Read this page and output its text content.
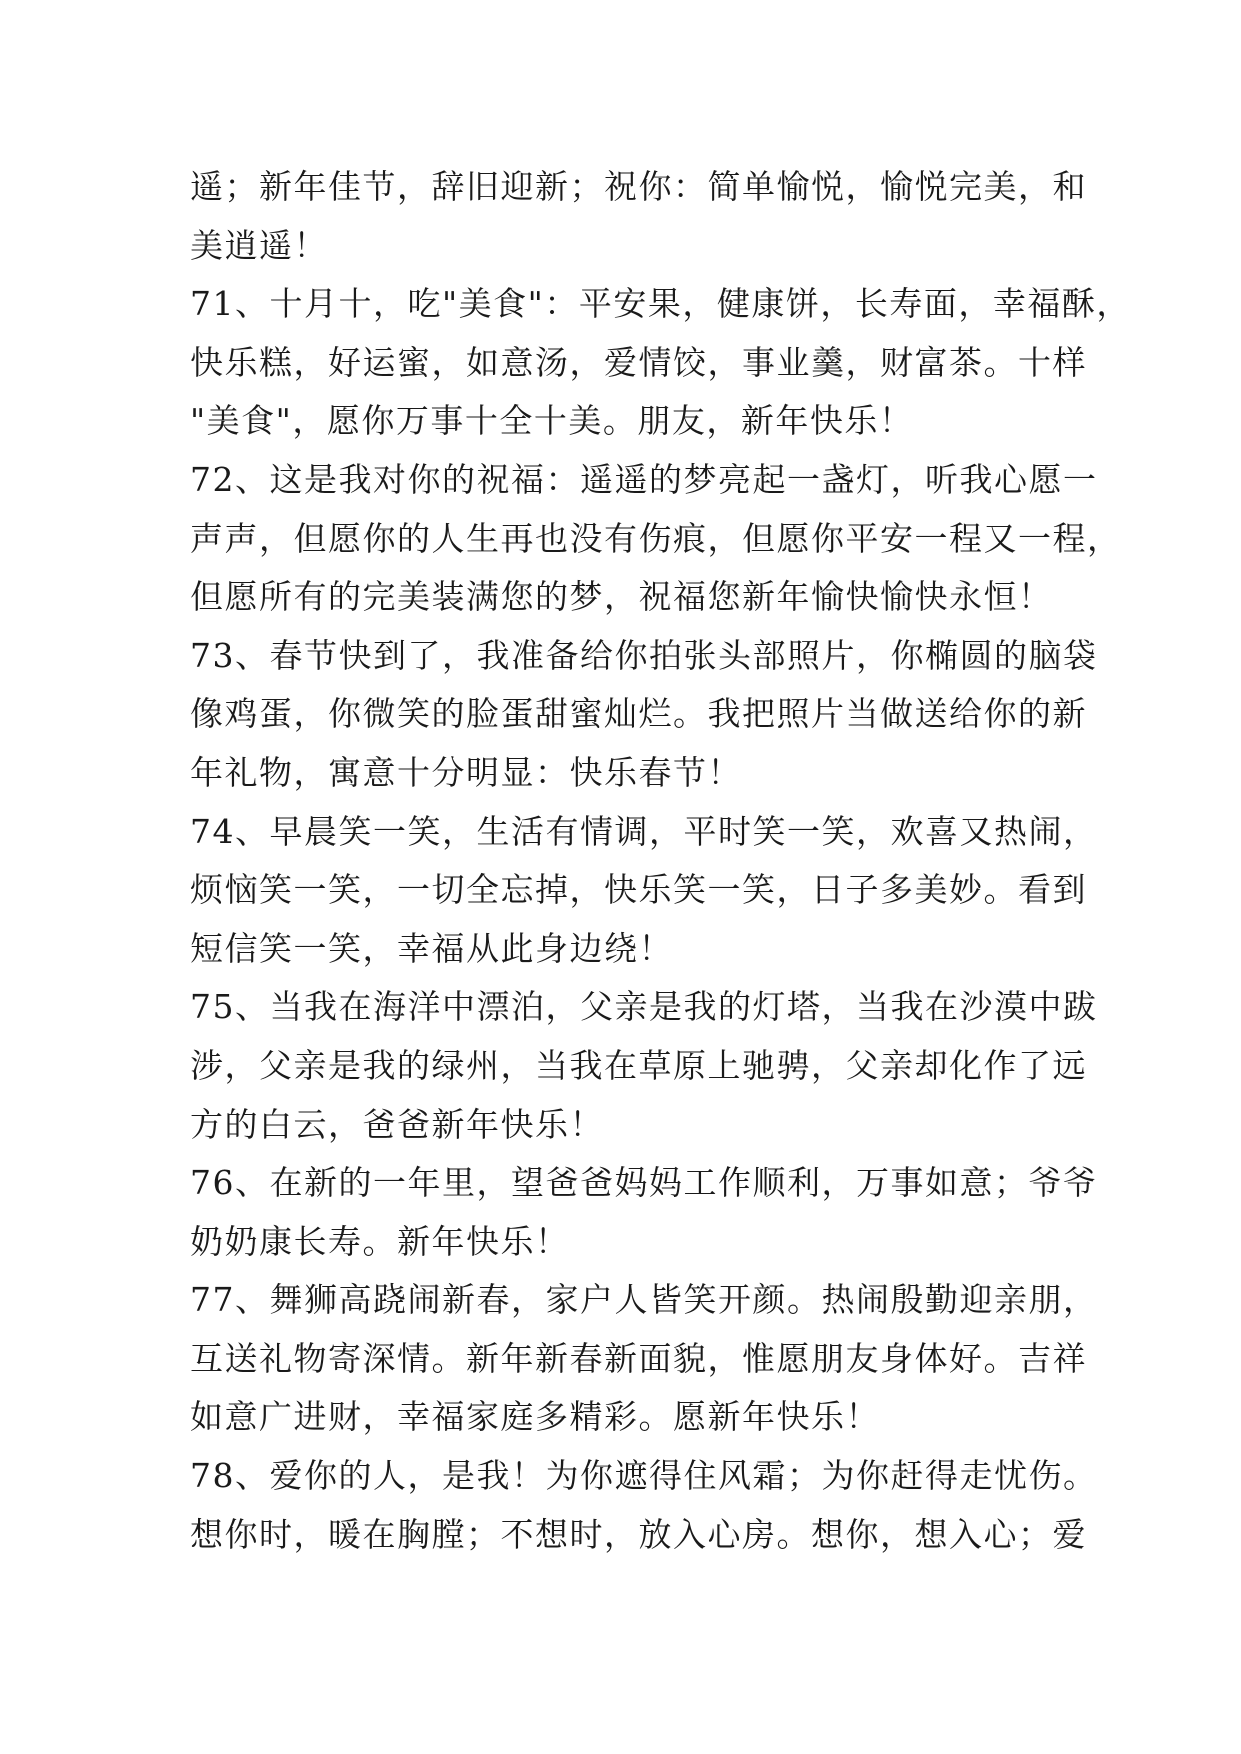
遥；新年佳节，辞旧迎新；祝你：简单愉悦，愉悦完美，和
美逍遥！
71、十月十，吃"美食"：平安果，健康饼，长寿面，幸福酥，
快乐糕，好运蜜，如意汤，爱情饺，事业羹，财富茶。十样
"美食"，愿你万事十全十美。朋友，新年快乐！
72、这是我对你的祝福：遥遥的梦亮起一盏灯，听我心愿一
声声，但愿你的人生再也没有伤痕，但愿你平安一程又一程，
但愿所有的完美装满您的梦，祝福您新年愉快愉快永恒！
73、春节快到了，我准备给你拍张头部照片，你椭圆的脑袋
像鸡蛋，你微笑的脸蛋甜蜜灿烂。我把照片当做送给你的新
年礼物，寓意十分明显：快乐春节！
74、早晨笑一笑，生活有情调，平时笑一笑，欢喜又热闹，
烦恼笑一笑，一切全忘掉，快乐笑一笑，日子多美妙。看到
短信笑一笑，幸福从此身边绕！
75、当我在海洋中漂泊，父亲是我的灯塔，当我在沙漠中跋
涉，父亲是我的绿州，当我在草原上驰骋，父亲却化作了远
方的白云，爸爸新年快乐！
76、在新的一年里，望爸爸妈妈工作顺利，万事如意；爷爷
奶奶康长寿。新年快乐！
77、舞狮高跷闹新春，家户人皆笑开颜。热闹殷勤迎亲朋，
互送礼物寄深情。新年新春新面貌，惟愿朋友身体好。吉祥
如意广进财，幸福家庭多精彩。愿新年快乐！
78、爱你的人，是我！为你遮得住风霜；为你赶得走忧伤。
想你时，暖在胸膛；不想时，放入心房。想你，想入心；爱
